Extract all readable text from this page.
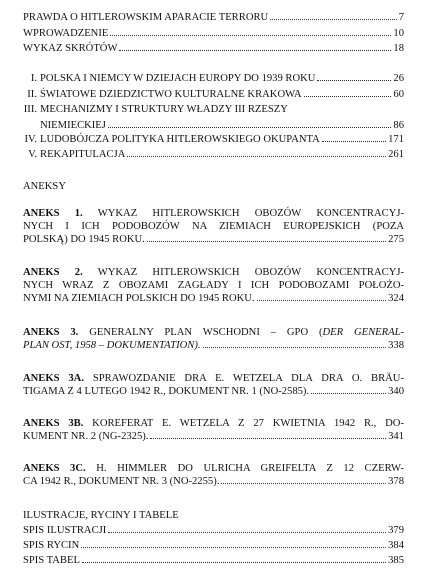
PRAWDA O HITLEROWSKIM APARACIE TERRORU	7
WPROWADZENIE	10
WYKAZ SKRÓTÓW	18
I. POLSKA I NIEMCY W DZIEJACH EUROPY DO 1939 ROKU	26
II. ŚWIATOWE DZIEDZICTWO KULTURALNE KRAKOWA	60
III. MECHANIZMY I STRUKTURY WŁADZY III RZESZY
NIEMIECKIEJ	86
IV. LUDOBÓJCZA POLITYKA HITLEROWSKIEGO OKUPANTA	171
V. REKAPITULACJA	261
ANEKSY
ANEKS 1. WYKAZ HITLEROWSKICH OBOZÓW KONCENTRACYJ-
NYCH I ICH PODOBOZÓW NA ZIEMIACH EUROPEJSKICH (POZA
POLSKĄ) DO 1945 ROKU.	275
ANEKS 2. WYKAZ HITLEROWSKICH OBOZÓW KONCENTRACYJ-
NYCH WRAZ Z OBOZAMI ZAGŁADY I ICH PODOBOZAMI POŁOŻO-
NYMI NA ZIEMIACH POLSKICH DO 1945 ROKU.	324
ANEKS 3. GENERALNY PLAN WSCHODNI – GPO (DER GENERAL-
PLAN OST, 1958 – DOKUMENTATION).	338
ANEKS 3A. SPRAWOZDANIE DRA E. WETZELA DLA DRA O. BRÄU-
TIGAMA Z 4 LUTEGO 1942 R., DOKUMENT NR. 1 (NO-2585).	340
ANEKS 3B. KOREFERAT E. WETZELA Z 27 KWIETNIA 1942 R., DO-
KUMENT NR. 2 (NG-2325).	341
ANEKS 3C. H. HIMMLER DO ULRICHA GREIFELTA Z 12 CZERW-
CA 1942 R., DOKUMENT NR. 3 (NO-2255).	378
ILUSTRACJE, RYCINY I TABELE
SPIS ILUSTRACJI	379
SPIS RYCIN	384
SPIS TABEL	385
